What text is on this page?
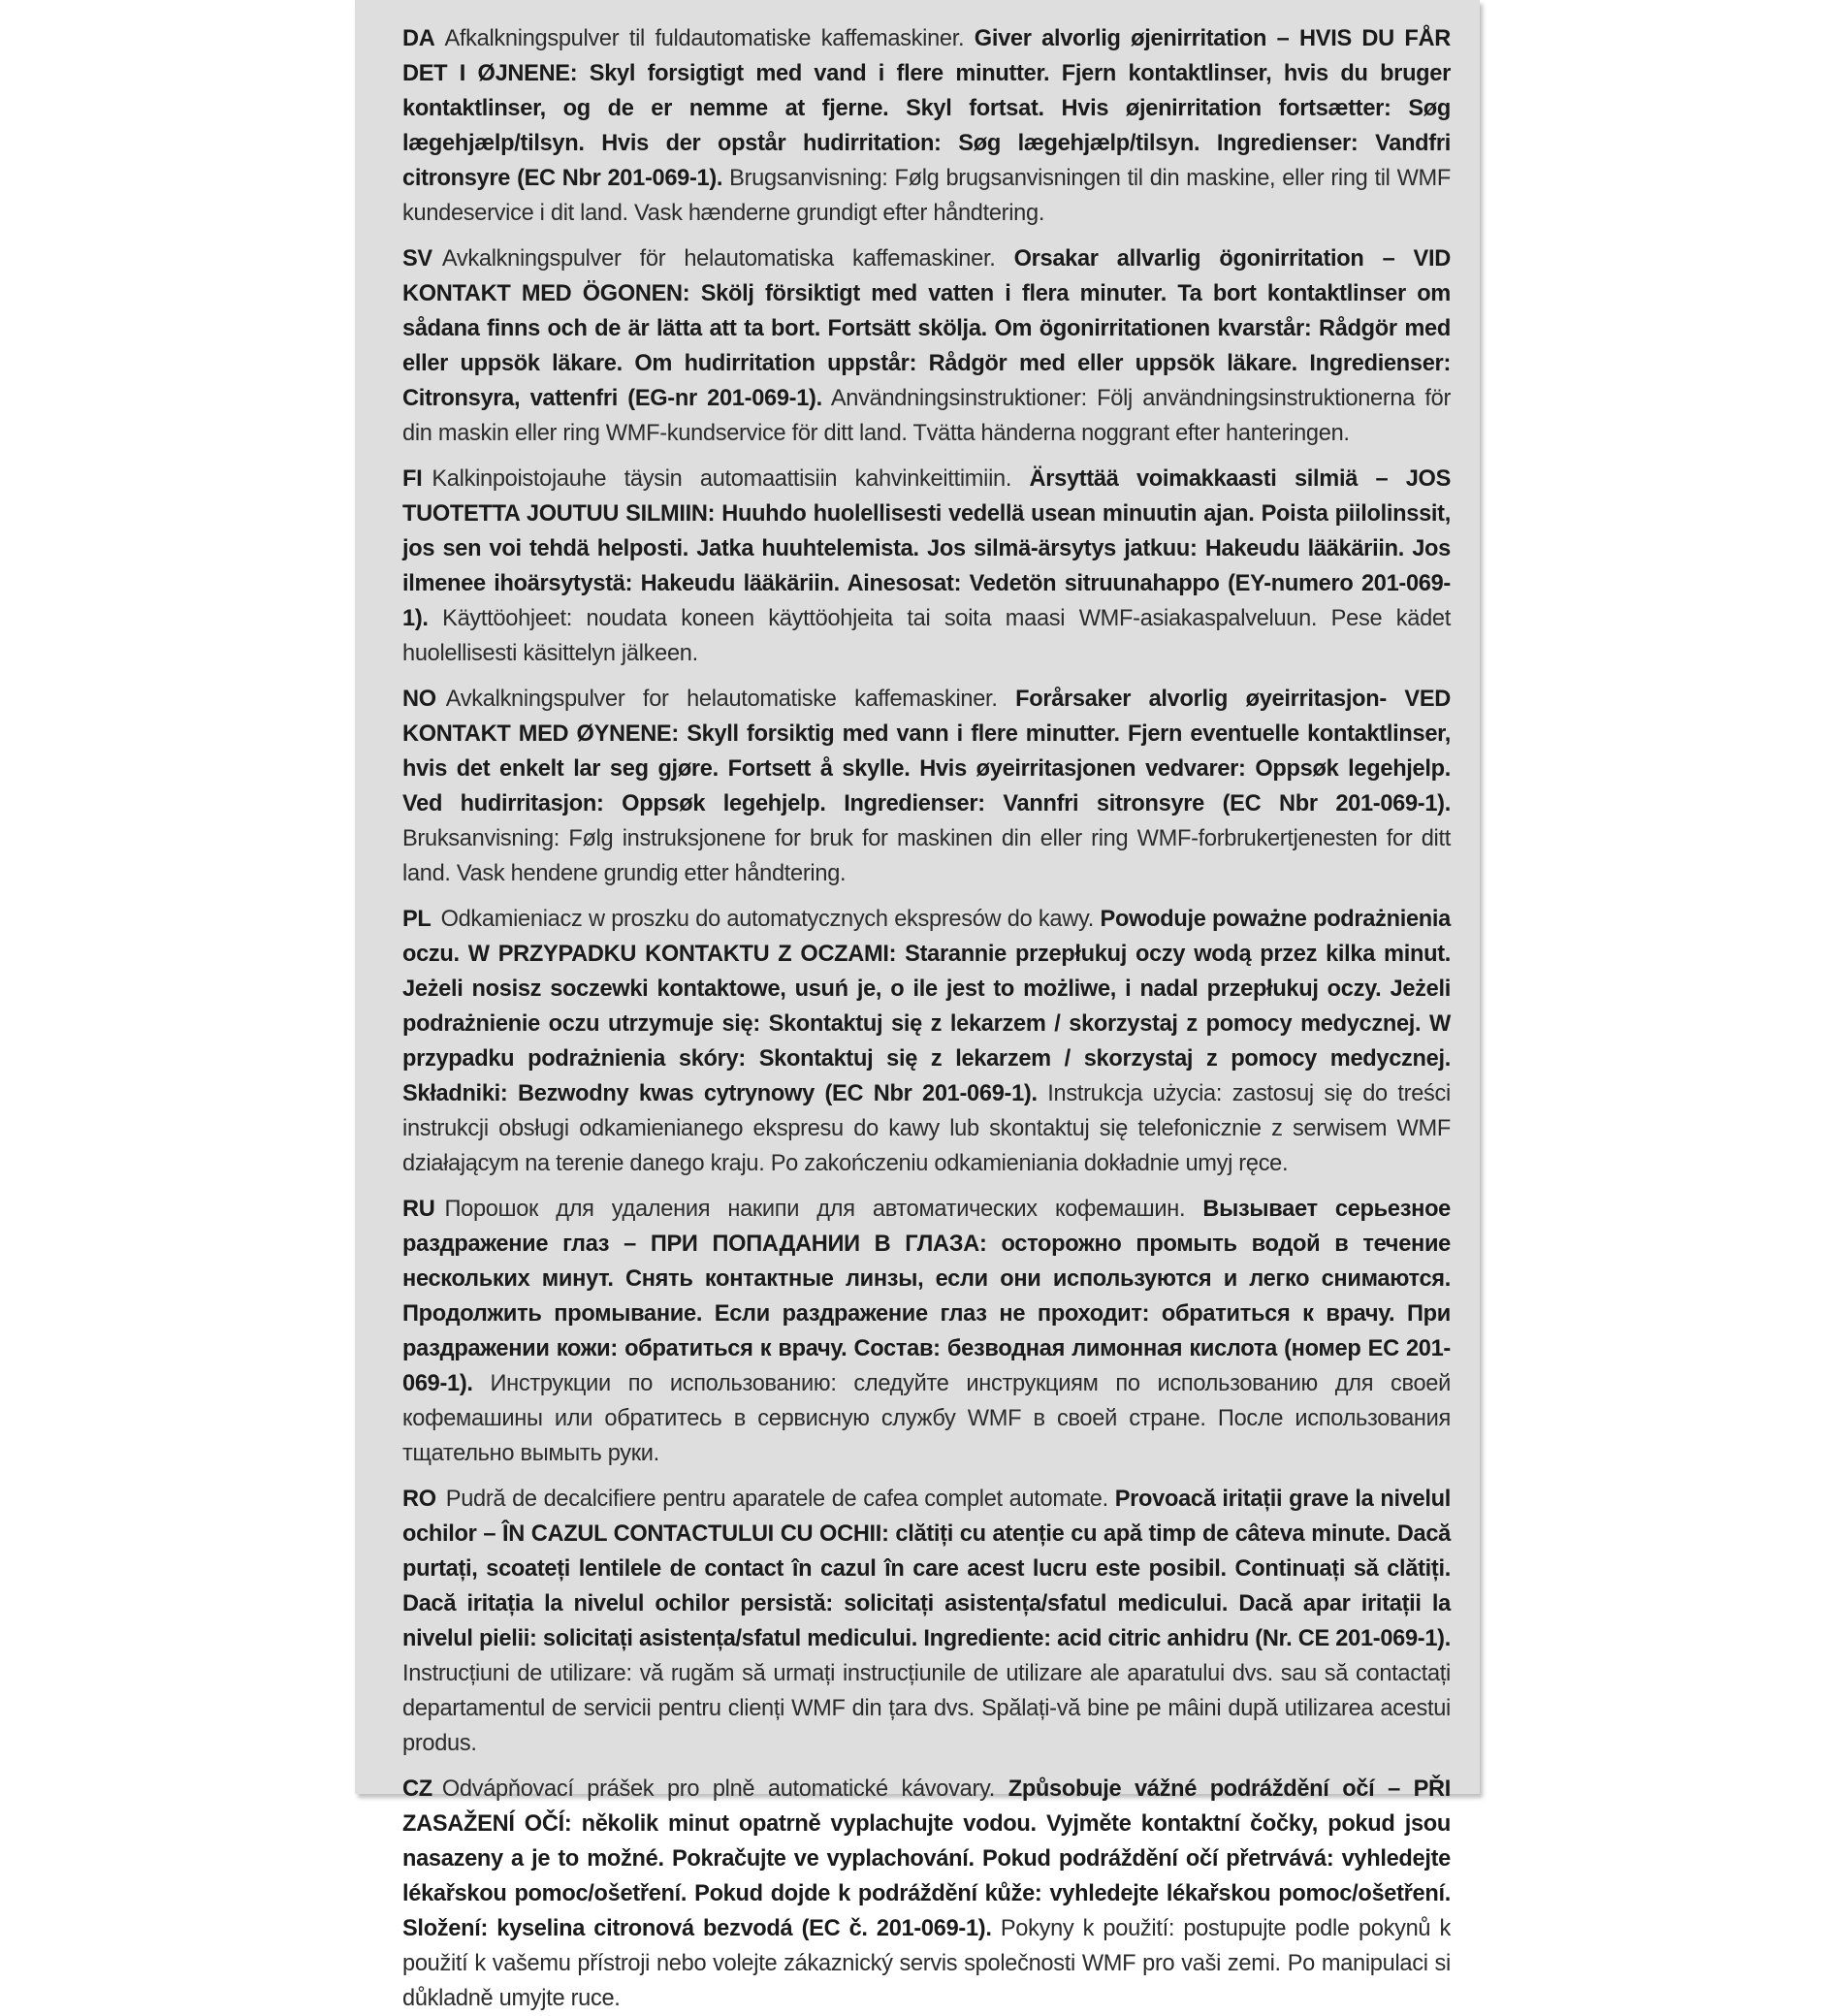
DA Afkalkningspulver til fuldautomatiske kaffemaskiner. Giver alvorlig øjenirritation – HVIS DU FÅR DET I ØJNENE: Skyl forsigtigt med vand i flere minutter. Fjern kontaktlinser, hvis du bruger kontaktlinser, og de er nemme at fjerne. Skyl fortsat. Hvis øjenirritation fortsætter: Søg lægehjælp/tilsyn. Hvis der opstår hudirritation: Søg lægehjælp/tilsyn. Ingredienser: Vandfri citronsyre (EC Nbr 201-069-1). Brugsanvisning: Følg brugsanvisningen til din maskine, eller ring til WMF kundeservice i dit land. Vask hænderne grundigt efter håndtering.
SV Avkalkningspulver för helautomatiska kaffemaskiner. Orsakar allvarlig ögonirritation – VID KONTAKT MED ÖGONEN: Skölj försiktigt med vatten i flera minuter. Ta bort kontaktlinser om sådana finns och de är lätta att ta bort. Fortsätt skölja. Om ögonirritationen kvarstår: Rådgör med eller uppsök läkare. Om hudirritation uppstår: Rådgör med eller uppsök läkare. Ingredienser: Citronsyra, vattenfri (EG-nr 201-069-1). Användningsinstruktioner: Följ användningsinstruktionerna för din maskin eller ring WMF-kundservice för ditt land. Tvätta händerna noggrant efter hanteringen.
FI Kalkinpoistojauhe täysin automaattisiin kahvinkeittimiin. Ärsyttää voimakkaasti silmiä – JOS TUOTETTA JOUTUU SILMIIN: Huuhdo huolellisesti vedellä usean minuutin ajan. Poista piilolinssit, jos sen voi tehdä helposti. Jatka huuhtelemista. Jos silmä-ärsytys jatkuu: Hakeudu lääkäriin. Jos ilmenee ihoärsytystä: Hakeudu lääkäriin. Ainesosat: Vedetön sitruunahappo (EY-numero 201-069-1). Käyttöohjeet: noudata koneen käyttöohjeita tai soita maasi WMF-asiakaspalveluun. Pese kädet huolellisesti käsittelyn jälkeen.
NO Avkalkningspulver for helautomatiske kaffemaskiner. Forårsaker alvorlig øyeirritasjon- VED KONTAKT MED ØYNENE: Skyll forsiktig med vann i flere minutter. Fjern eventuelle kontaktlinser, hvis det enkelt lar seg gjøre. Fortsett å skylle. Hvis øyeirritasjonen vedvarer: Oppsøk legehjelp. Ved hudirritasjon: Oppsøk legehjelp. Ingredienser: Vannfri sitronsyre (EC Nbr 201-069-1). Bruksanvisning: Følg instruksjonene for bruk for maskinen din eller ring WMF-forbrukertjenesten for ditt land. Vask hendene grundig etter håndtering.
PL Odkamieniacz w proszku do automatycznych ekspresów do kawy. Powoduje poważne podrażnienia oczu. W PRZYPADKU KONTAKTU Z OCZAMI: Starannie przepłukuj oczy wodą przez kilka minut. Jeżeli nosisz soczewki kontaktowe, usuń je, o ile jest to możliwe, i nadal przepłukuj oczy. Jeżeli podrażnienie oczu utrzymuje się: Skontaktuj się z lekarzem / skorzystaj z pomocy medycznej. W przypadku podrażnienia skóry: Skontaktuj się z lekarzem / skorzystaj z pomocy medycznej. Składniki: Bezwodny kwas cytrynowy (EC Nbr 201-069-1). Instrukcja użycia: zastosuj się do treści instrukcji obsługi odkamienianego ekspresu do kawy lub skontaktuj się telefonicznie z serwisem WMF działającym na terenie danego kraju. Po zakończeniu odkamieniania dokładnie umyj ręce.
RU Порошок для удаления накипи для автоматических кофемашин. Вызывает серьезное раздражение глаз – ПРИ ПОПАДАНИИ В ГЛАЗА: осторожно промыть водой в течение нескольких минут. Снять контактные линзы, если они используются и легко снимаются. Продолжить промывание. Если раздражение глаз не проходит: обратиться к врачу. При раздражении кожи: обратиться к врачу. Состав: безводная лимонная кислота (номер ЕС 201-069-1). Инструкции по использованию: следуйте инструкциям по использованию для своей кофемашины или обратитесь в сервисную службу WMF в своей стране. После использования тщательно вымыть руки.
RO Pudră de decalcifiere pentru aparatele de cafea complet automate. Provoacă iritații grave la nivelul ochilor – ÎN CAZUL CONTACTULUI CU OCHII: clătiți cu atenție cu apă timp de câteva minute. Dacă purtați, scoateți lentilele de contact în cazul în care acest lucru este posibil. Continuați să clătiți. Dacă iritația la nivelul ochilor persistă: solicitați asistența/sfatul medicului. Dacă apar iritații la nivelul pielii: solicitați asistența/sfatul medicului. Ingrediente: acid citric anhidru (Nr. CE 201-069-1). Instrucțiuni de utilizare: vă rugăm să urmați instrucțiunile de utilizare ale aparatului dvs. sau să contactați departamentul de servicii pentru clienți WMF din țara dvs. Spălați-vă bine pe mâini după utilizarea acestui produs.
CZ Odvápňovací prášek pro plně automatické kávovary. Způsobuje vážné podráždění očí – PŘI ZASAŽENÍ OČÍ: několik minut opatrně vyplachujte vodou. Vyjměte kontaktní čočky, pokud jsou nasazeny a je to možné. Pokračujte ve vyplachování. Pokud podráždění očí přetrvává: vyhledejte lékařskou pomoc/ošetření. Pokud dojde k podráždění kůže: vyhledejte lékařskou pomoc/ošetření. Složení: kyselina citronová bezvodá (EC č. 201-069-1). Pokyny k použití: postupujte podle pokynů k použití k vašemu přístroji nebo volejte zákaznický servis společnosti WMF pro vaši zemi. Po manipulaci si důkladně umyjte ruce.
